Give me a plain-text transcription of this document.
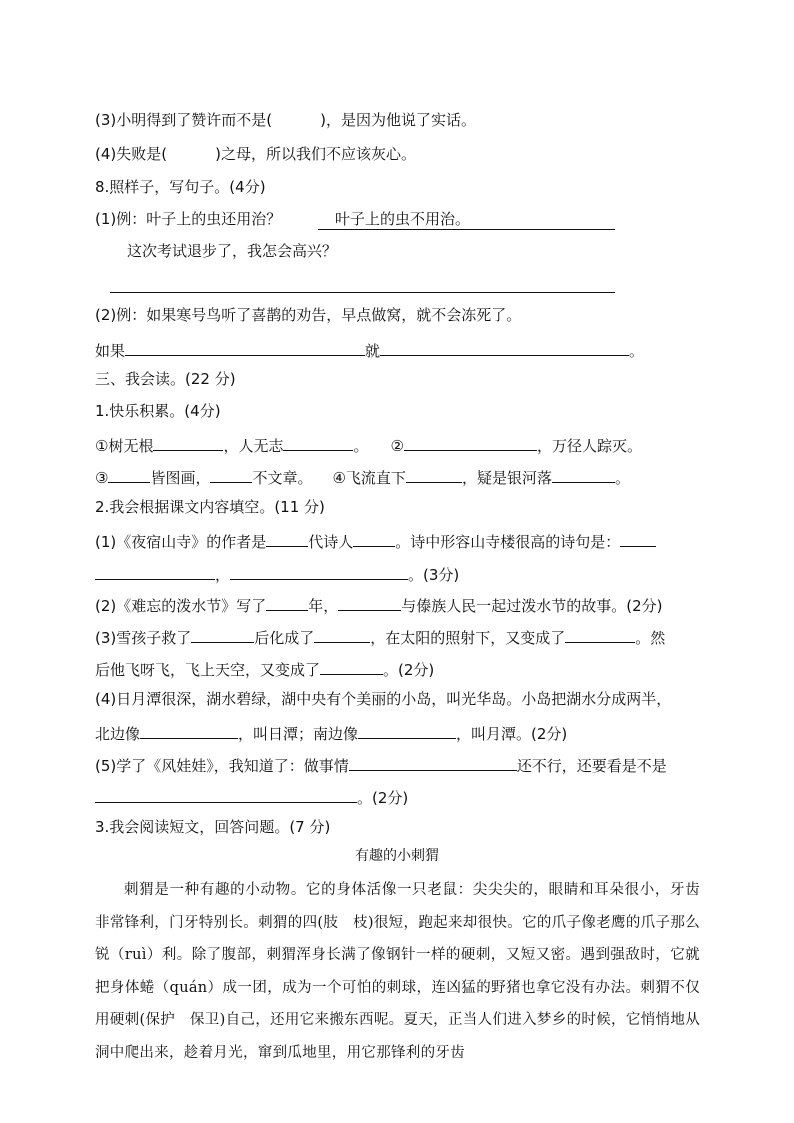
(3)小明得到了赞许而不是(	)，是因为他说了实话。
(4)失败是(	)之母，所以我们不应该灰心。
8.照样子，写句子。(4分)
(1)例：叶子上的虫还用治？	叶子上的虫不用治。
这次考试退步了，我怎会高兴？
(2)例：如果寒号鸟听了喜鹊的劝告，早点做窝，就不会冻死了。
如果	就	。
三、我会读。(22 分)
1.快乐积累。(4分)
①树无根	，人无志	。 ②	，万径人踪灭。
③	皆图画，	不文章。 ④飞流直下	，疑是银河落	。
2.我会根据课文内容填空。(11 分)
(1)《夜宿山寺》的作者是	代诗人	。诗中形容山寺楼很高的诗句是：
，	。(3分)
(2)《难忘的泼水节》写了	年，	与傣族人民一起过泼水节的故事。(2分)
(3)雪孩子救了	后化成了	，在太阳的照射下，又变成了	。然
后他飞呀飞，飞上天空，又变成了	。(2分)
(4)日月潭很深，湖水碧绿，湖中央有个美丽的小岛，叫光华岛。小岛把湖水分成两半，
北边像	，叫日潭；南边像	，叫月潭。(2分)
(5)学了《风娃娃》，我知道了：做事情	还不行，还要看是不是
。(2分)
3.我会阅读短文，回答问题。(7 分)
有趣的小刺猬
刺猬是一种有趣的小动物。它的身体活像一只老鼠：尖尖尖的，眼睛和耳朵很小，牙齿非常锋利，门牙特别长。刺猬的四(肢　枝)很短，跑起来却很快。它的爪子像老鹰的爪子那么锐（ruì）利。除了腹部，刺猬浑身长满了像钢针一样的硬刺，又短又密。遇到强敌时，它就把身体蜷（quán）成一团，成为一个可怕的刺球，连凶猛的野猪也拿它没有办法。刺猬不仅用硬刺(保护　保卫)自己，还用它来搬东西呢。夏天，正当人们进入梦乡的时候，它悄悄地从洞中爬出来，趁着月光，窜到瓜地里，用它那锋利的牙齿
